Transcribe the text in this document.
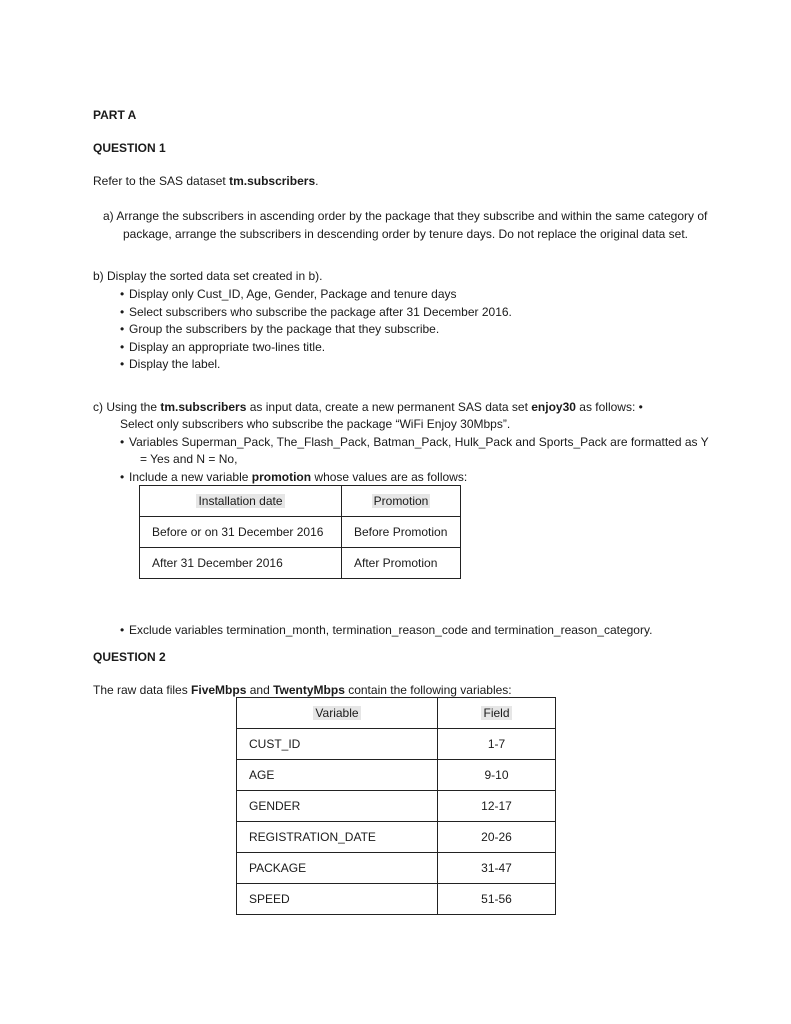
PART A
QUESTION 1
Refer to the SAS dataset tm.subscribers.
a) Arrange the subscribers in ascending order by the package that they subscribe and within the same category of
package, arrange the subscribers in descending order by tenure days. Do not replace the original data set.
b) Display the sorted data set created in b).
• Display only Cust_ID, Age, Gender, Package and tenure days
• Select subscribers who subscribe the package after 31 December 2016.
• Group the subscribers by the package that they subscribe.
• Display an appropriate two-lines title.
• Display the label.
c) Using the tm.subscribers as input data, create a new permanent SAS data set enjoy30 as follows: •
Select only subscribers who subscribe the package “WiFi Enjoy 30Mbps”.
• Variables Superman_Pack, The_Flash_Pack, Batman_Pack, Hulk_Pack and Sports_Pack are formatted as Y
= Yes and N = No,
• Include a new variable promotion whose values are as follows:
Installation date	Promotion
Before or on 31 December 2016	Before Promotion
After 31 December 2016	After Promotion
• Exclude variables termination_month, termination_reason_code and termination_reason_category.
QUESTION 2
The raw data files FiveMbps and TwentyMbps contain the following variables:
Variable	Field
CUST_ID	1-7
AGE	9-10
GENDER	12-17
REGISTRATION_DATE	20-26
PACKAGE	31-47
SPEED	51-56
